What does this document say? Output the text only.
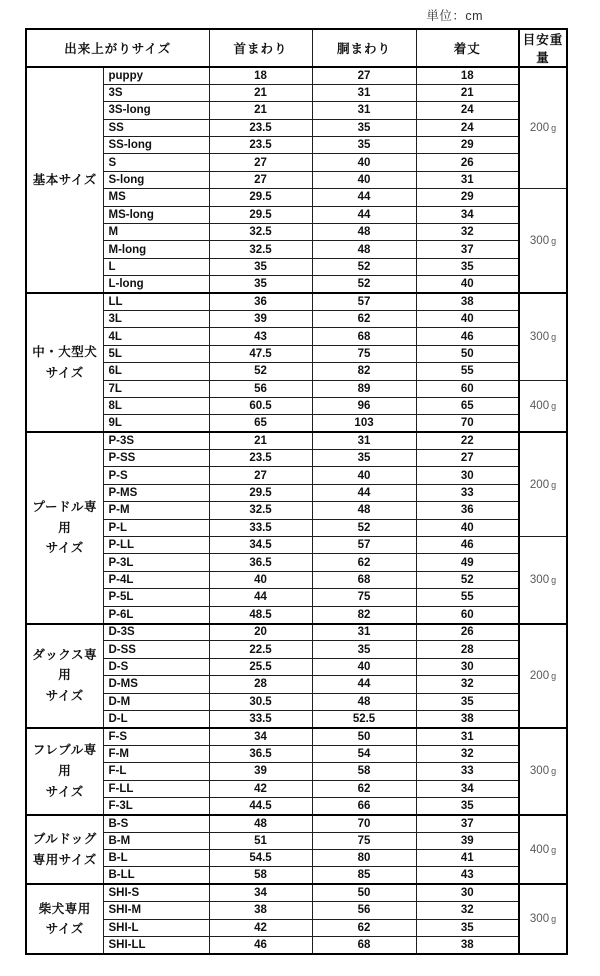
単位：cm
出来上がりサイズ		首まわり	胴まわり	着丈	目安重量
基本サイズ	puppy	18	27	18	200 g
	3S	21	31	21	
	3S-long	21	31	24	
	SS	23.5	35	24	
	SS-long	23.5	35	29	
	S	27	40	26	
	S-long	27	40	31	
	MS	29.5	44	29	300 g
	MS-long	29.5	44	34	
	M	32.5	48	32	
	M-long	32.5	48	37	
	L	35	52	35	
	L-long	35	52	40	
中・大型犬
サイズ	LL	36	57	38	300 g
	3L	39	62	40	
	4L	43	68	46	
	5L	47.5	75	50	
	6L	52	82	55	
	7L	56	89	60	400 g
	8L	60.5	96	65	
	9L	65	103	70	
プードル専用
サイズ	P-3S	21	31	22	200 g
	P-SS	23.5	35	27	
	P-S	27	40	30	
	P-MS	29.5	44	33	
	P-M	32.5	48	36	
	P-L	33.5	52	40	
	P-LL	34.5	57	46	300 g
	P-3L	36.5	62	49	
	P-4L	40	68	52	
	P-5L	44	75	55	
	P-6L	48.5	82	60	
ダックス専用
サイズ	D-3S	20	31	26	200 g
	D-SS	22.5	35	28	
	D-S	25.5	40	30	
	D-MS	28	44	32	
	D-M	30.5	48	35	
	D-L	33.5	52.5	38	
フレブル専用
サイズ	F-S	34	50	31	300 g
	F-M	36.5	54	32	
	F-L	39	58	33	
	F-LL	42	62	34	
	F-3L	44.5	66	35	
ブルドッグ
専用サイズ	B-S	48	70	37	400 g
	B-M	51	75	39	
	B-L	54.5	80	41	
	B-LL	58	85	43	
柴犬専用
サイズ	SHI-S	34	50	30	300 g
	SHI-M	38	56	32	
	SHI-L	42	62	35	
	SHI-LL	46	68	38	
